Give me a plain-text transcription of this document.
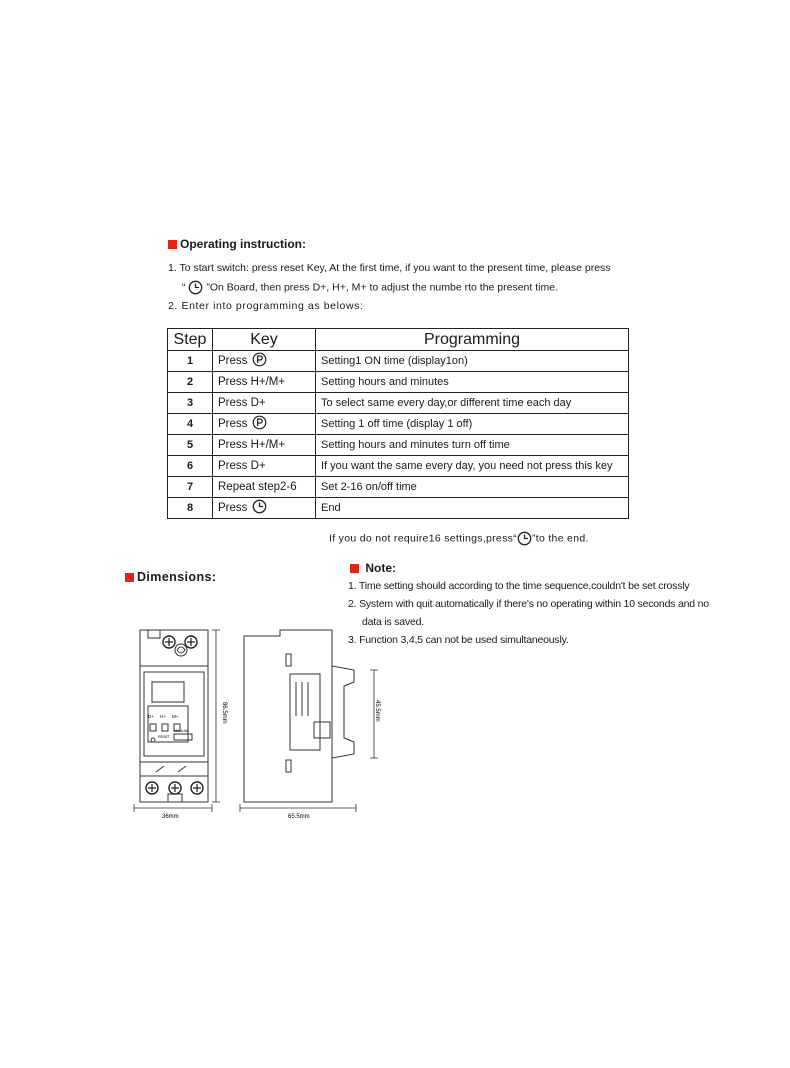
Operating instruction:
1. To start switch: press reset Key, At the first time, if you want to the present time, please press
“ ”On Board, then press D+, H+, M+ to adjust the numbe rto the present time.
2. Enter into programming as belows:
Step	Key	Programming
1	Press	Setting1 ON time (display1on)
2	Press H+/M+	Setting hours and minutes
3	Press D+	To select same every day,or different time each day
4	Press	Setting 1 off time (display 1 off)
5	Press H+/M+	Setting hours and minutes turn off time
6	Press D+	If you want the same every day, you need not press this key
7	Repeat step2-6	Set 2-16 on/off time
8	Press	End
If you do not require16 settings,press“ ”to the end.
Dimensions:
Note:
1. Time setting should according to the time sequence,couldn't be set crossly
2. System with quit automatically if there's no operating within 10 seconds and no
data is saved.
3. Function 3,4,5 can not be used simultaneously.
D+ H+ M+
RESET
MANUAL
86.5mm
36mm
45.5mm
65.5mm
